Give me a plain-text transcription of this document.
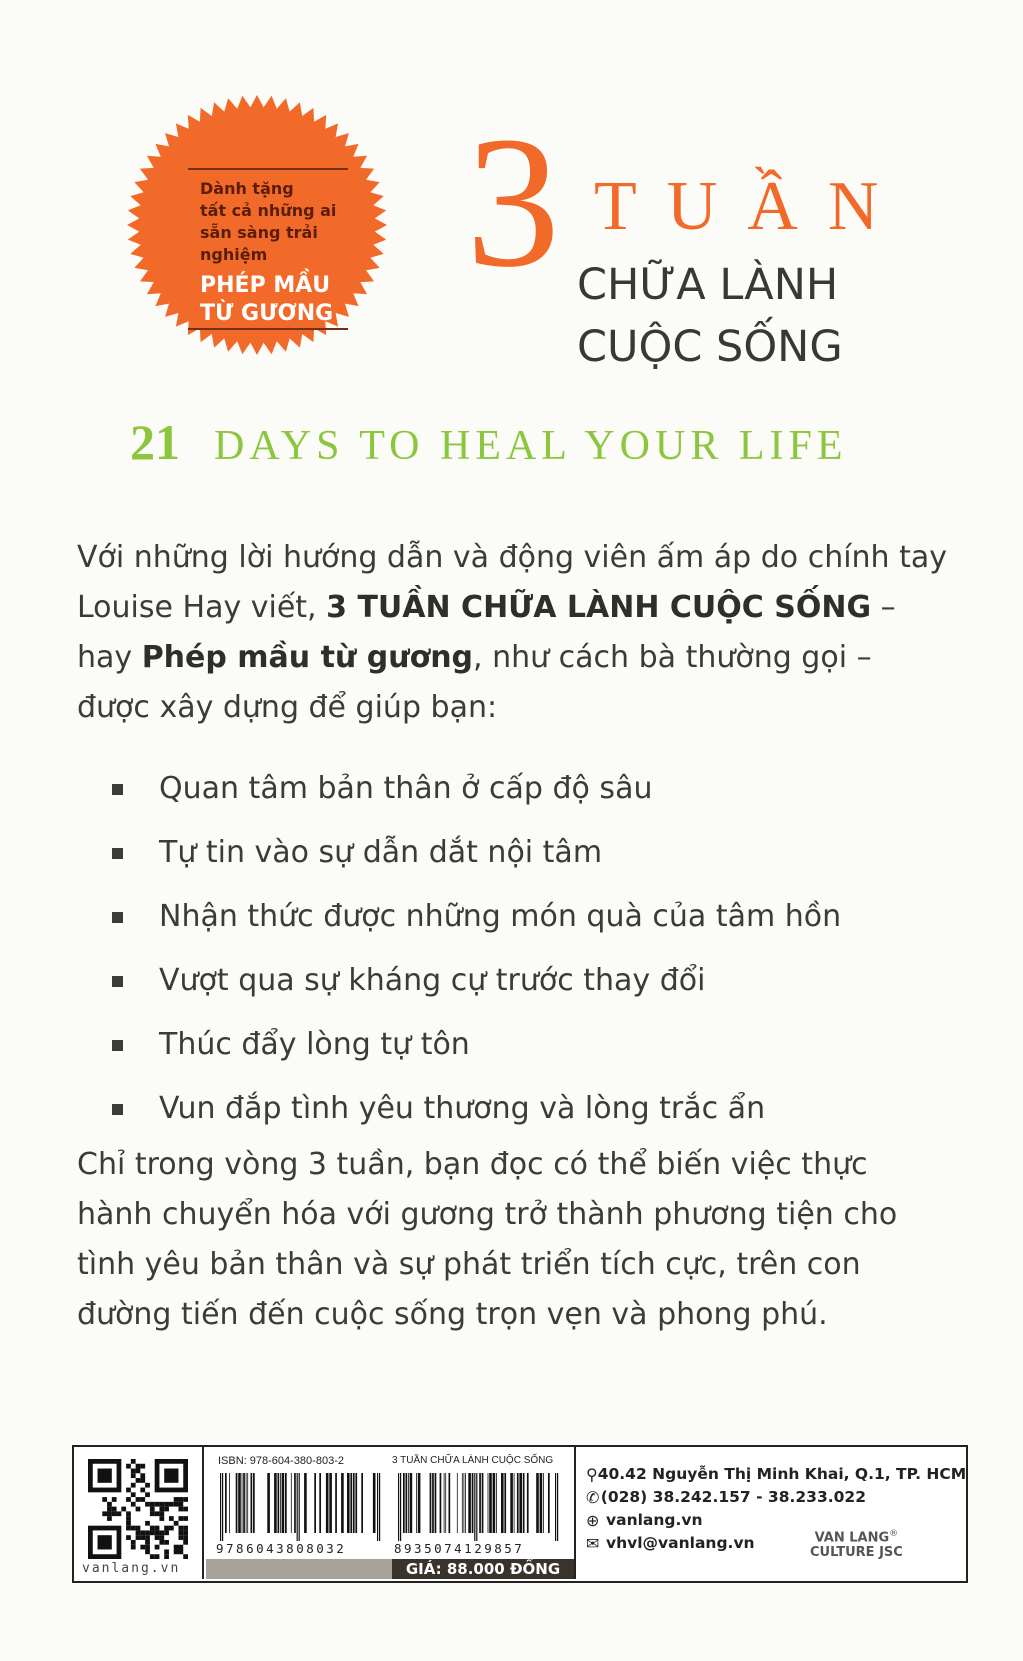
Dành tặng
tất cả những ai
sẵn sàng trải nghiệm
PHÉP MẦU
TỪ GƯƠNG
3 TUẦN
CHỮA LÀNH
CUỘC SỐNG
21 DAYS TO HEAL YOUR LIFE
Với những lời hướng dẫn và động viên ấm áp do chính tay Louise Hay viết, 3 TUẦN CHỮA LÀNH CUỘC SỐNG – hay Phép mầu từ gương, như cách bà thường gọi – được xây dựng để giúp bạn:
Quan tâm bản thân ở cấp độ sâu
Tự tin vào sự dẫn dắt nội tâm
Nhận thức được những món quà của tâm hồn
Vượt qua sự kháng cự trước thay đổi
Thúc đẩy lòng tự tôn
Vun đắp tình yêu thương và lòng trắc ẩn
Chỉ trong vòng 3 tuần, bạn đọc có thể biến việc thực hành chuyển hóa với gương trở thành phương tiện cho tình yêu bản thân và sự phát triển tích cực, trên con đường tiến đến cuộc sống trọn vẹn và phong phú.
vanlang.vn
ISBN: 978-604-380-803-2	3 TUẦN CHỮA LÀNH CUỘC SỐNG
9786043808032	8935074129857
GIÁ: 88.000 ĐỒNG
⚲ 40.42 Nguyễn Thị Minh Khai, Q.1, TP. HCM
✆ (028) 38.242.157 - 38.233.022
⊕ vanlang.vn
✉ vhvl@vanlang.vn	VAN LANG®
CULTURE JSC
